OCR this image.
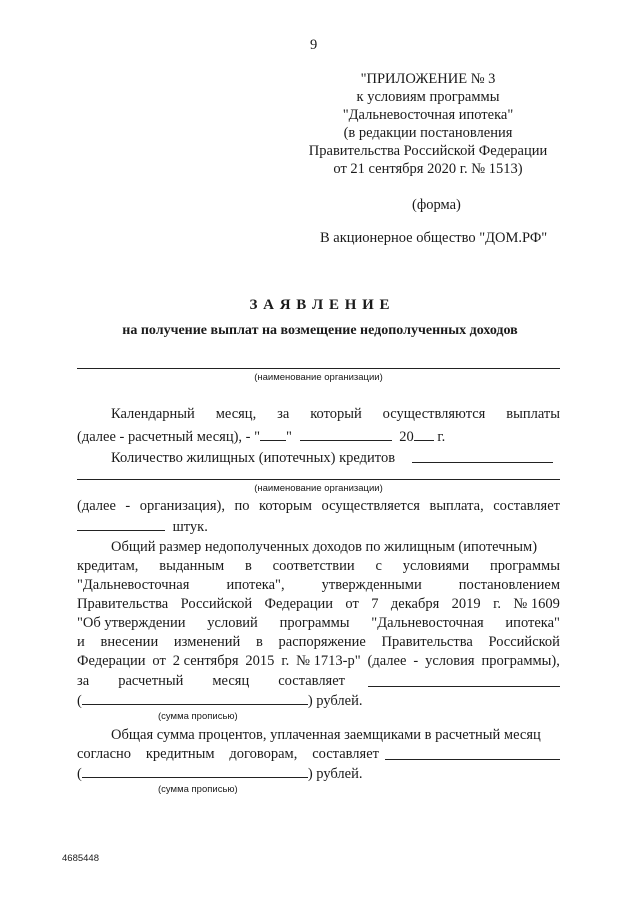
9
"ПРИЛОЖЕНИЕ № 3
к условиям программы
"Дальневосточная ипотека"
(в редакции постановления
Правительства Российской Федерации
от 21 сентября 2020 г. № 1513)
(форма)
В акционерное общество "ДОМ.РФ"
З А Я В Л Е Н И Е
на получение выплат на возмещение недополученных доходов
(наименование организации)
Календарный месяц, за который осуществляются выплаты
(далее - расчетный месяц), - " "	20 г.
Количество жилищных (ипотечных) кредитов
(наименование организации)
(далее - организация), по которым осуществляется выплата, составляет
штук.
Общий размер недополученных доходов по жилищным (ипотечным)
кредитам, выданным в соответствии с условиями программы
"Дальневосточная	ипотека",	утвержденными	постановлением
Правительства Российской Федерации от 7 декабря 2019 г. № 1609
"Об утверждении условий программы "Дальневосточная ипотека"
и внесении изменений в распоряжение Правительства Российской
Федерации от 2 сентября 2015 г. № 1713-р" (далее - условия программы),
за расчетный месяц составляет
(	) рублей.
(сумма прописью)
Общая сумма процентов, уплаченная заемщиками в расчетный месяц
согласно кредитным договорам, составляет
(	) рублей.
(сумма прописью)
4685448
